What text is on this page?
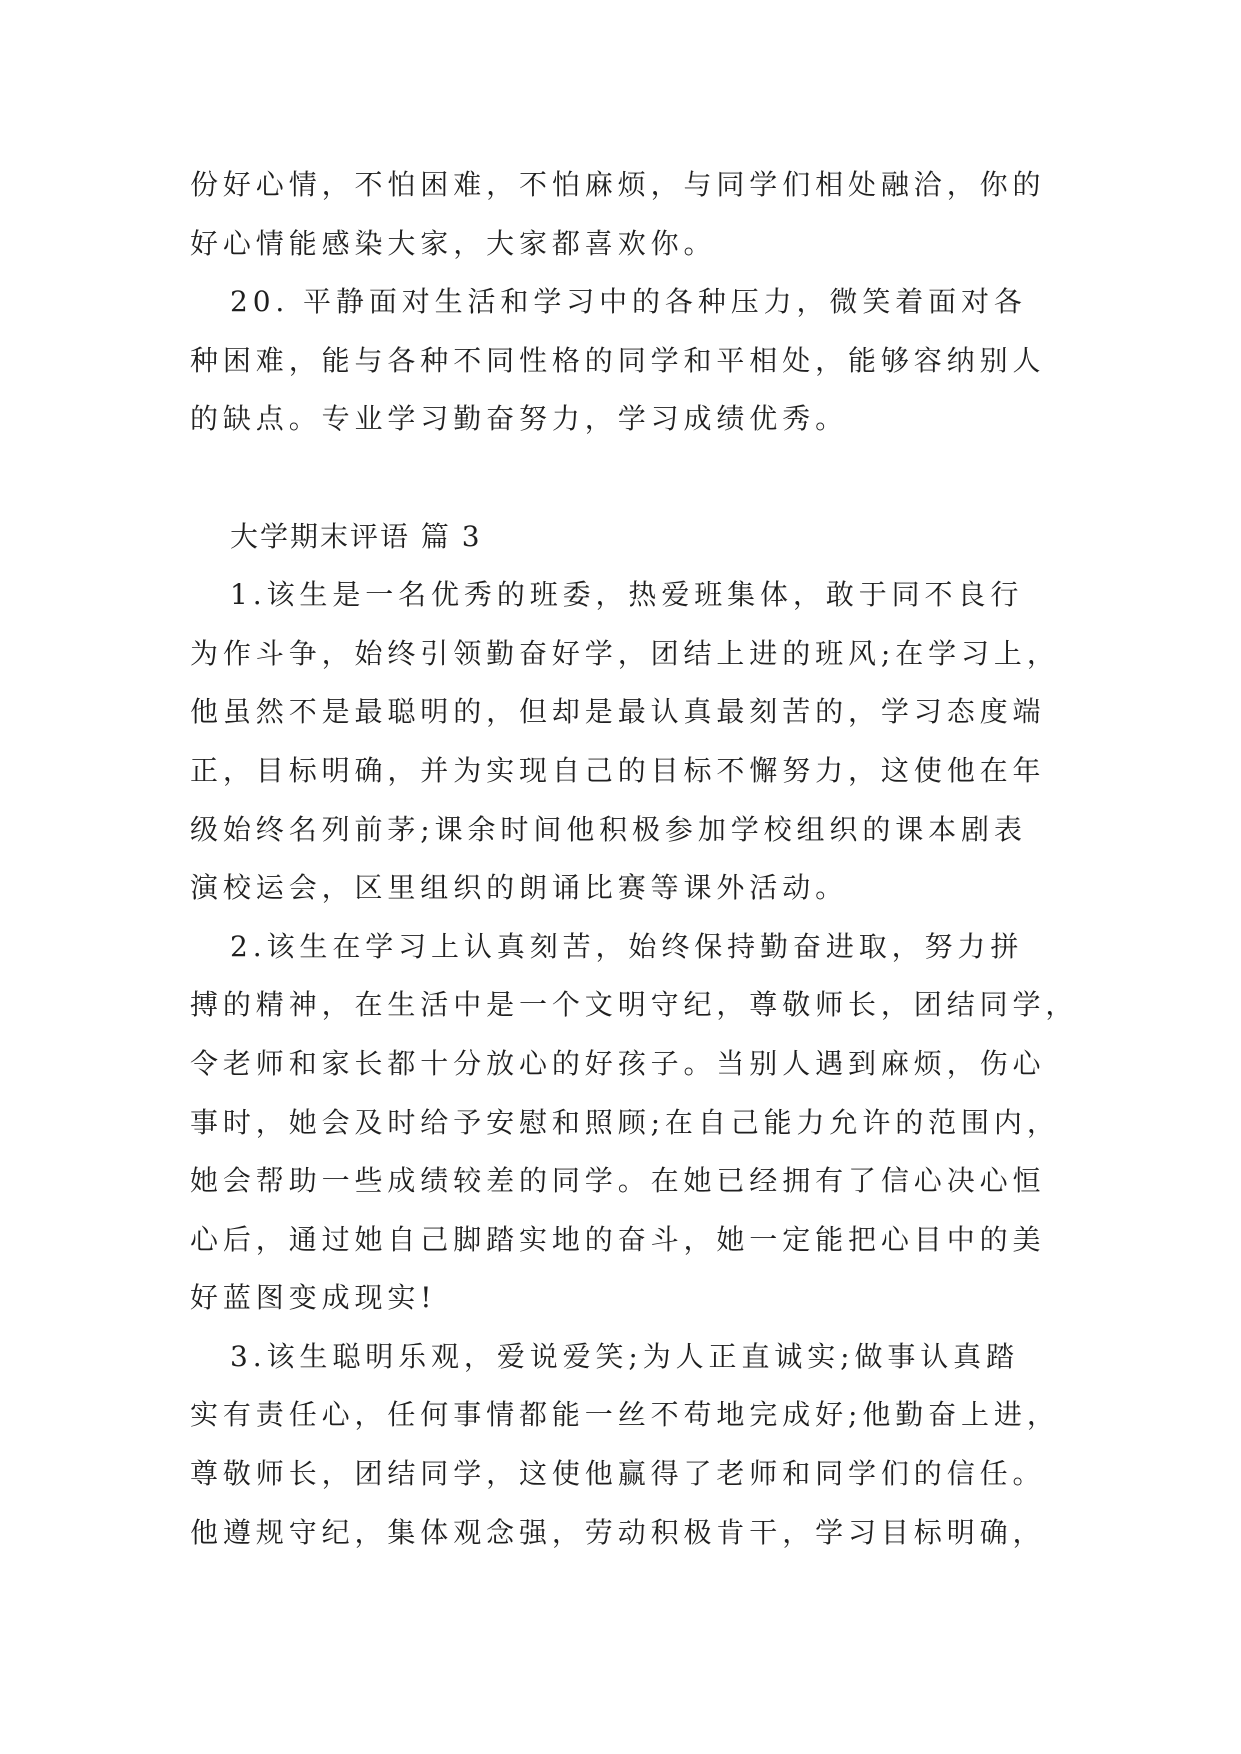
份好心情，不怕困难，不怕麻烦，与同学们相处融洽，你的
好心情能感染大家，大家都喜欢你。
20. 平静面对生活和学习中的各种压力，微笑着面对各
种困难，能与各种不同性格的同学和平相处，能够容纳别人
的缺点。专业学习勤奋努力，学习成绩优秀。
大学期末评语 篇 3
1.该生是一名优秀的班委，热爱班集体，敢于同不良行
为作斗争，始终引领勤奋好学，团结上进的班风;在学习上，
他虽然不是最聪明的，但却是最认真最刻苦的，学习态度端
正，目标明确，并为实现自己的目标不懈努力，这使他在年
级始终名列前茅;课余时间他积极参加学校组织的课本剧表
演校运会，区里组织的朗诵比赛等课外活动。
2.该生在学习上认真刻苦，始终保持勤奋进取，努力拼
搏的精神，在生活中是一个文明守纪，尊敬师长，团结同学，
令老师和家长都十分放心的好孩子。当别人遇到麻烦，伤心
事时，她会及时给予安慰和照顾;在自己能力允许的范围内，
她会帮助一些成绩较差的同学。在她已经拥有了信心决心恒
心后，通过她自己脚踏实地的奋斗，她一定能把心目中的美
好蓝图变成现实!
3.该生聪明乐观，爱说爱笑;为人正直诚实;做事认真踏
实有责任心，任何事情都能一丝不苟地完成好;他勤奋上进，
尊敬师长，团结同学，这使他赢得了老师和同学们的信任。
他遵规守纪，集体观念强，劳动积极肯干，学习目标明确，
